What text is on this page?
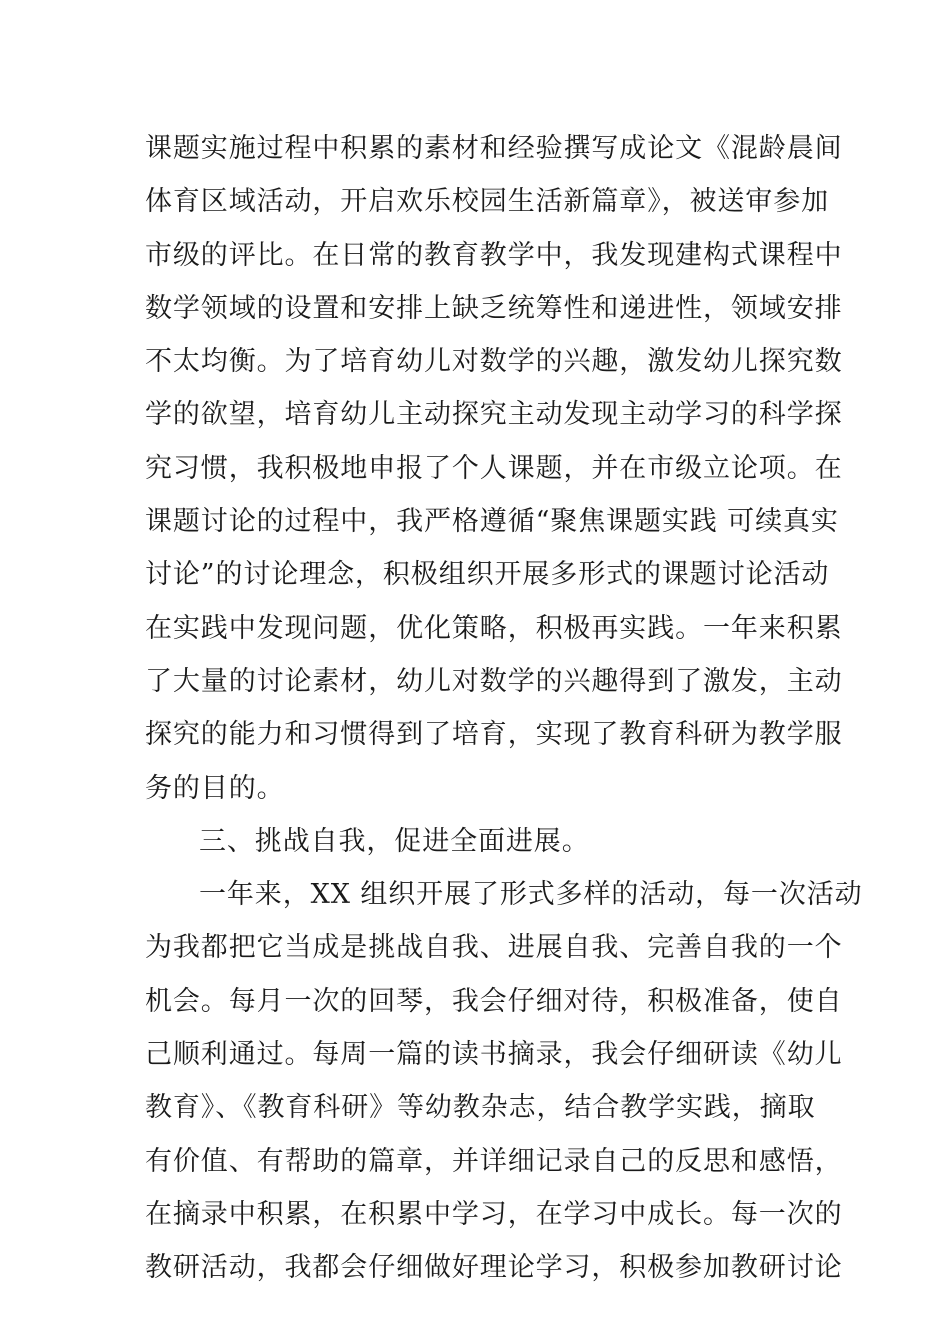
课题实施过程中积累的素材和经验撰写成论文《混龄晨间
体育区域活动，开启欢乐校园生活新篇章》，被送审参加
市级的评比。在日常的教育教学中，我发现建构式课程中
数学领域的设置和安排上缺乏统筹性和递进性，领域安排
不太均衡。为了培育幼儿对数学的兴趣，激发幼儿探究数
学的欲望，培育幼儿主动探究主动发现主动学习的科学探
究习惯，我积极地申报了个人课题，并在市级立论项。在
课题讨论的过程中，我严格遵循“聚焦课题实践 可续真实
讨论”的讨论理念，积极组织开展多形式的课题讨论活动
在实践中发现问题，优化策略，积极再实践。一年来积累
了大量的讨论素材，幼儿对数学的兴趣得到了激发，主动
探究的能力和习惯得到了培育，实现了教育科研为教学服
务的目的。
三、挑战自我，促进全面进展。
一年来，XX 组织开展了形式多样的活动，每一次活动
为我都把它当成是挑战自我、进展自我、完善自我的一个
机会。每月一次的回琴，我会仔细对待，积极准备，使自
己顺利通过。每周一篇的读书摘录，我会仔细研读《幼儿
教育》、《教育科研》等幼教杂志，结合教学实践，摘取
有价值、有帮助的篇章，并详细记录自己的反思和感悟，
在摘录中积累，在积累中学习，在学习中成长。每一次的
教研活动，我都会仔细做好理论学习，积极参加教研讨论
